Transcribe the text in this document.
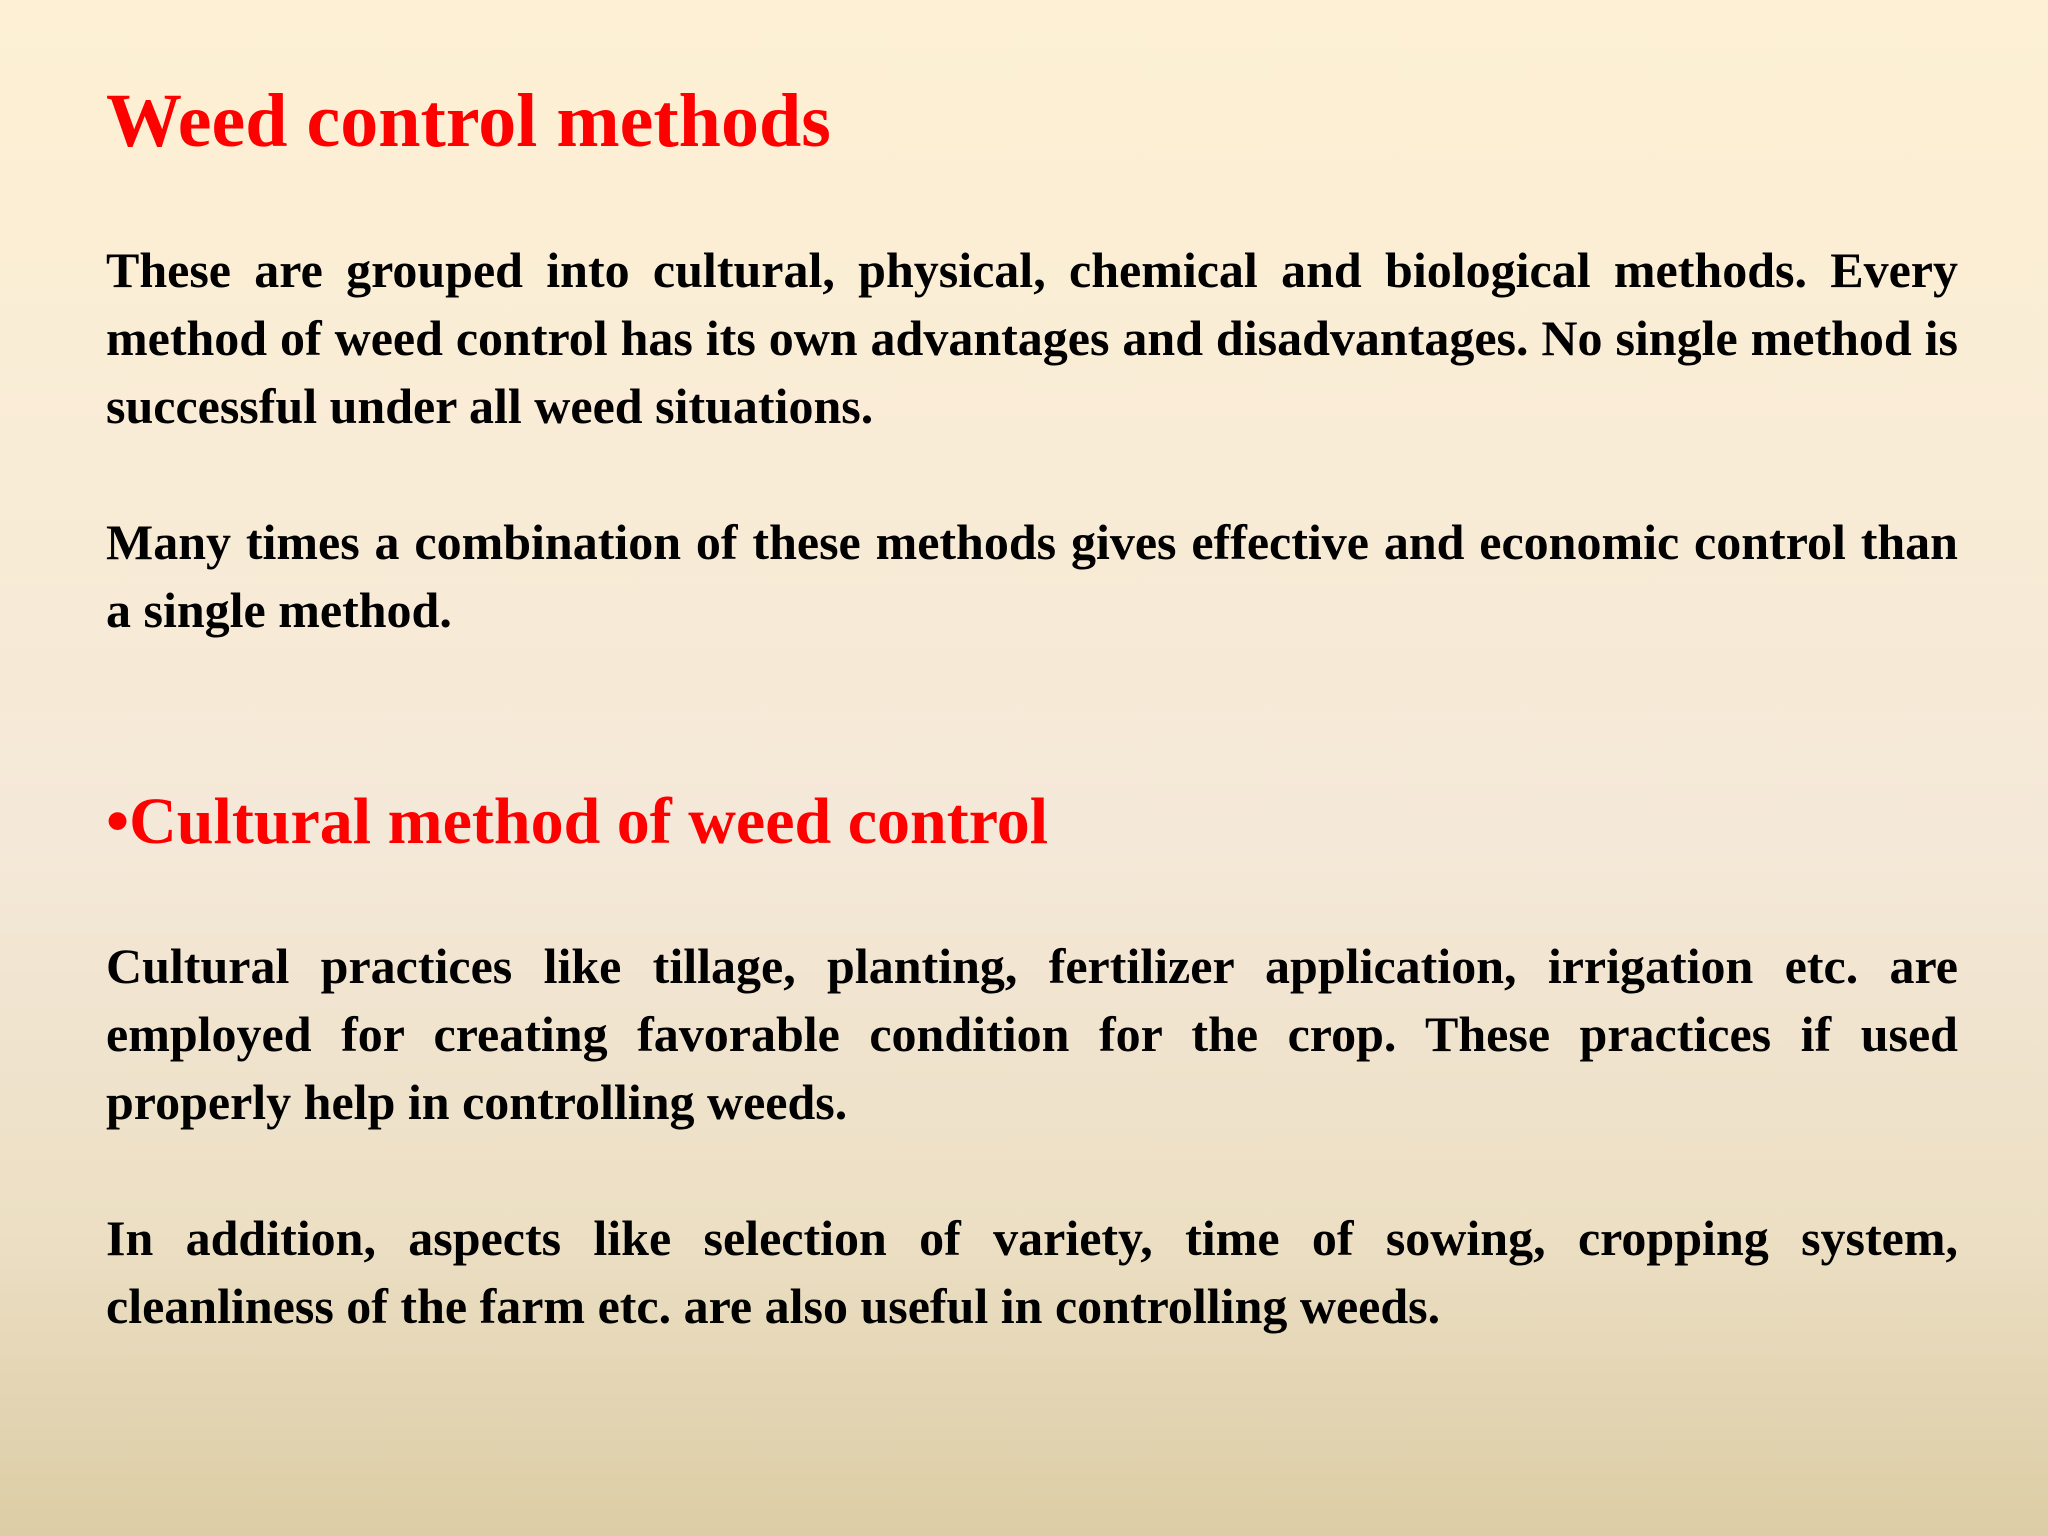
Weed control methods

These are grouped into cultural, physical, chemical and biological methods. Every method of weed control has its own advantages and disadvantages. No single method is successful under all weed situations.

Many times a combination of these methods gives effective and economic control than a single method.

•Cultural method of weed control

Cultural practices like tillage, planting, fertilizer application, irrigation etc. are employed for creating favorable condition for the crop. These practices if used properly help in controlling weeds.

In addition, aspects like selection of variety, time of sowing, cropping system, cleanliness of the farm etc. are also useful in controlling weeds.
